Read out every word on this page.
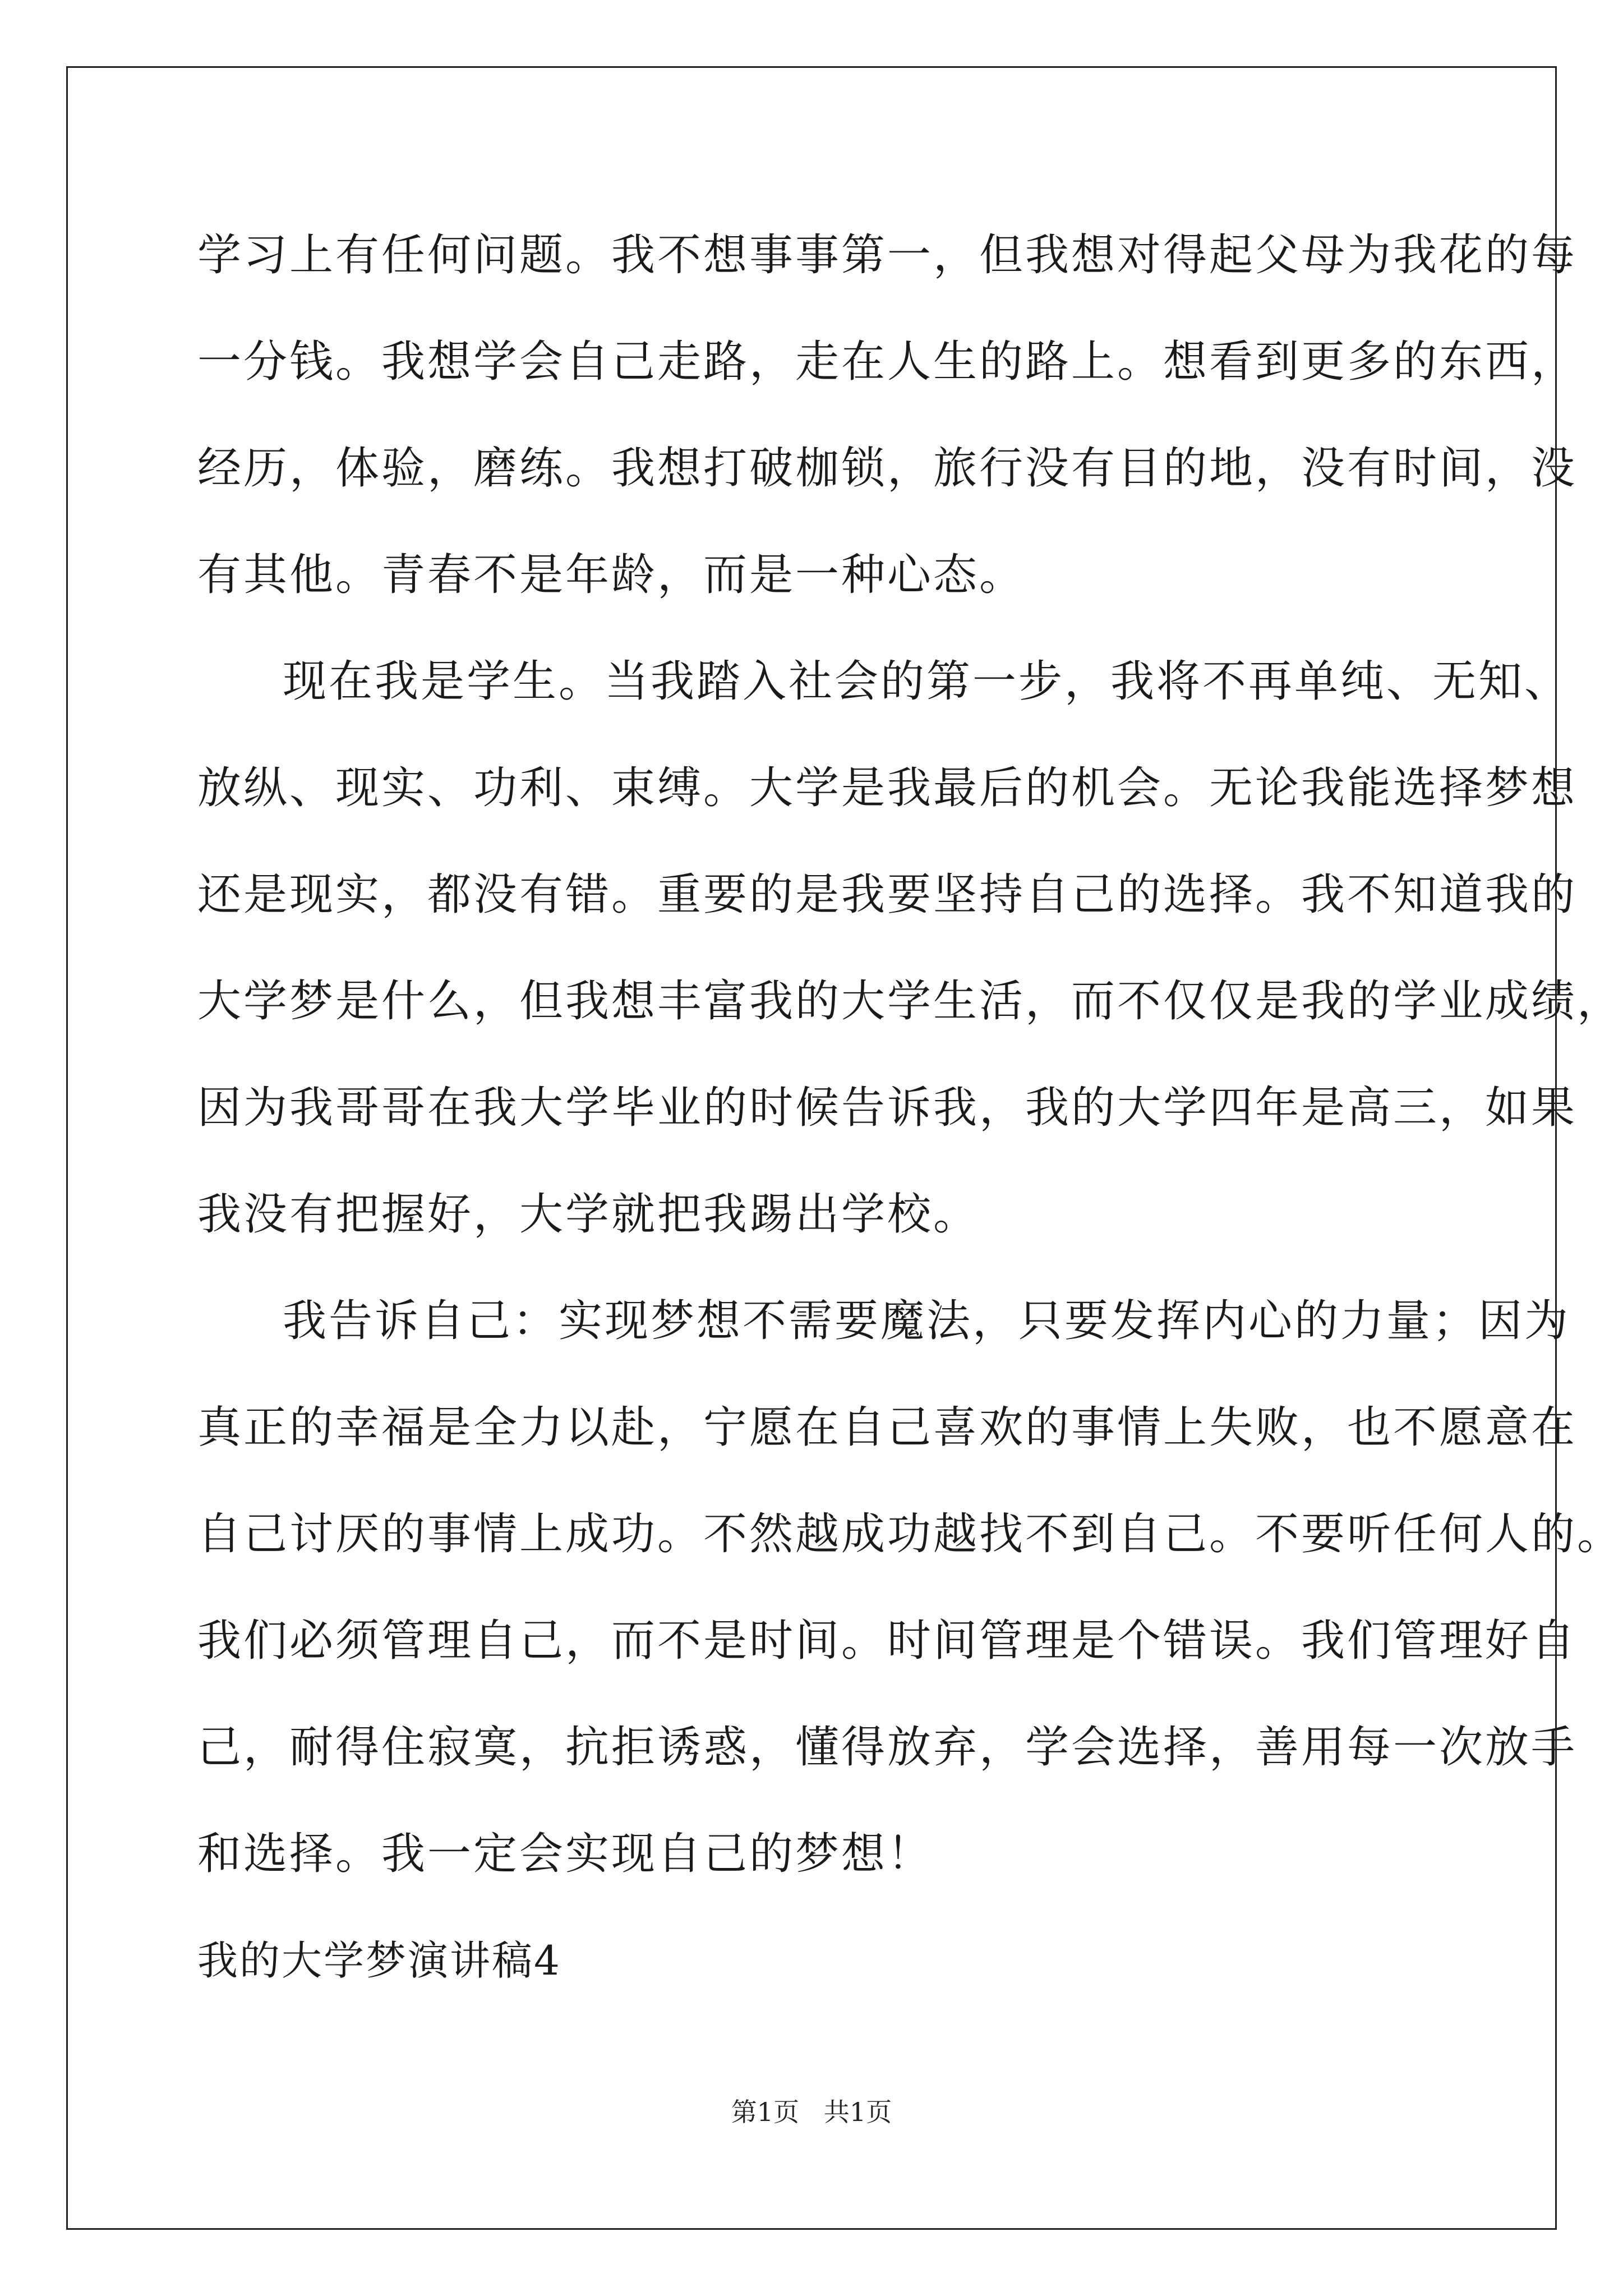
学习上有任何问题。我不想事事第一，但我想对得起父母为我花的每
一分钱。我想学会自己走路，走在人生的路上。想看到更多的东西，
经历，体验，磨练。我想打破枷锁，旅行没有目的地，没有时间，没
有其他。青春不是年龄，而是一种心态。
现在我是学生。当我踏入社会的第一步，我将不再单纯、无知、
放纵、现实、功利、束缚。大学是我最后的机会。无论我能选择梦想
还是现实，都没有错。重要的是我要坚持自己的选择。我不知道我的
大学梦是什么，但我想丰富我的大学生活，而不仅仅是我的学业成绩，
因为我哥哥在我大学毕业的时候告诉我，我的大学四年是高三，如果
我没有把握好，大学就把我踢出学校。
我告诉自己：实现梦想不需要魔法，只要发挥内心的力量；因为
真正的幸福是全力以赴，宁愿在自己喜欢的事情上失败，也不愿意在
自己讨厌的事情上成功。不然越成功越找不到自己。不要听任何人的。
我们必须管理自己，而不是时间。时间管理是个错误。我们管理好自
己，耐得住寂寞，抗拒诱惑，懂得放弃，学会选择，善用每一次放手
和选择。我一定会实现自己的梦想！
我的大学梦演讲稿4
第1页   共1页
